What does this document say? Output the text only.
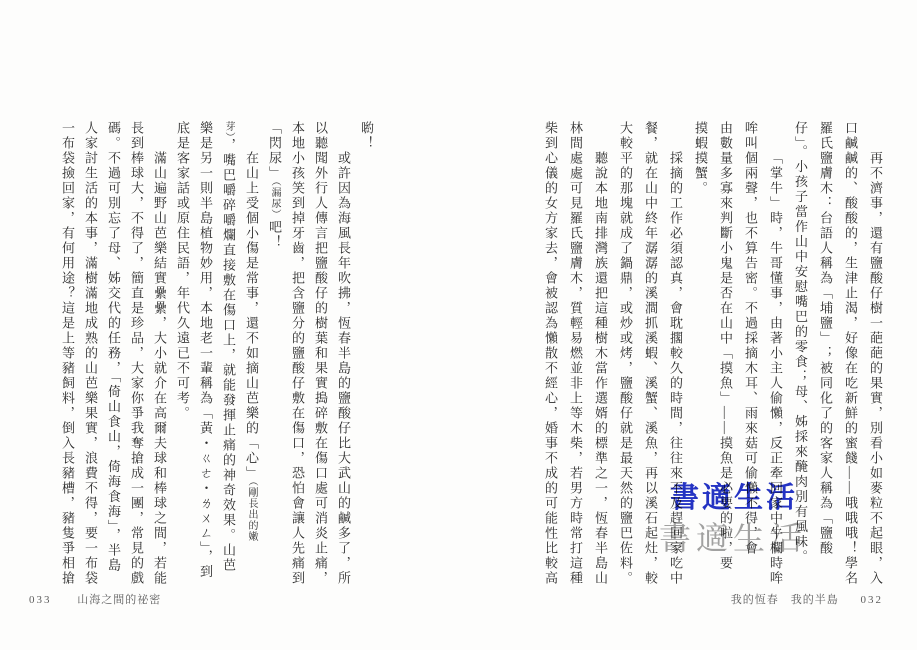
喲！
或許因為海風長年吹拂，恆春半島的鹽酸仔比大武山的鹹多了，所
以聽聞外行人傳言把鹽酸仔的樹葉和果實搗碎敷在傷口處可消炎止痛，
本地小孩笑到掉牙齒，把含鹽分的鹽酸仔敷在傷口，恐怕會讓人先痛到
「閃尿」（漏尿）吧！
在山上受個小傷是常事，還不如摘山芭樂的「心」（剛長出的嫩
芽），嘴巴嚼碎嚼爛直接敷在傷口上，就能發揮止痛的神奇效果。山芭
樂是另一則半島植物妙用，本地老一輩稱為「黃・ㄍㄜ・ㄌㄨㄥ」，到
底是客家話或原住民語，年代久遠已不可考。
滿山遍野山芭樂結實纍纍，大小就介在高爾夫球和棒球之間，若能
長到棒球大，不得了，簡直是珍品，大家你爭我奪搶成一團，常見的戲
碼。不過可別忘了母、姊交代的任務，「倚山食山，倚海食海」，半島
人家討生活的本事，滿樹滿地成熟的山芭樂果實，浪費不得，要一布袋
一布袋撿回家，有何用途？這是上等豬飼料，倒入長豬槽，豬隻爭相搶	再不濟事，還有鹽酸仔樹一葩葩的果實，別看小如麥粒不起眼，入
口鹹鹹的、酸酸的，生津止渴，好像在吃新鮮的蜜餞——哦哦哦！學名
羅氏鹽膚木：台語人稱為「埔鹽」；被同化了的客家人稱為「鹽酸
仔」。小孩子當作山中安慰嘴巴的零食；母、姊採來醃肉別有風味。
「掌牛」時，牛哥懂事，由著小主人偷懶，反正牽回家中牛欄時哞
哞叫個兩聲，也不算告密。不過採摘木耳、雨來菇可偷懶不得，會
由數量多寡來判斷小鬼是否在山中「摸魚」——摸魚是必要的啦，要
摸蝦摸蟹。
採摘的工作必須認真，會耽擱較久的時間，往往來不及趕回家吃中
餐，就在山中終年潺潺的溪澗抓溪蝦、溪蟹、溪魚，再以溪石起灶，較
大較平的那塊就成了鍋鼎，或炒或烤，鹽酸仔就是最天然的鹽巴佐料。
聽說本地南排灣族還把這種樹木當作選婿的標準之一，恆春半島山
林間處處可見羅氏鹽膚木，質輕易燃並非上等木柴，若男方時常打這種
柴到心儀的女方家去，會被認為懶散不經心，婚事不成的可能性比較高
033 山海之間的祕密	我的恆春　我的半島 032
書適生活
書適生活
